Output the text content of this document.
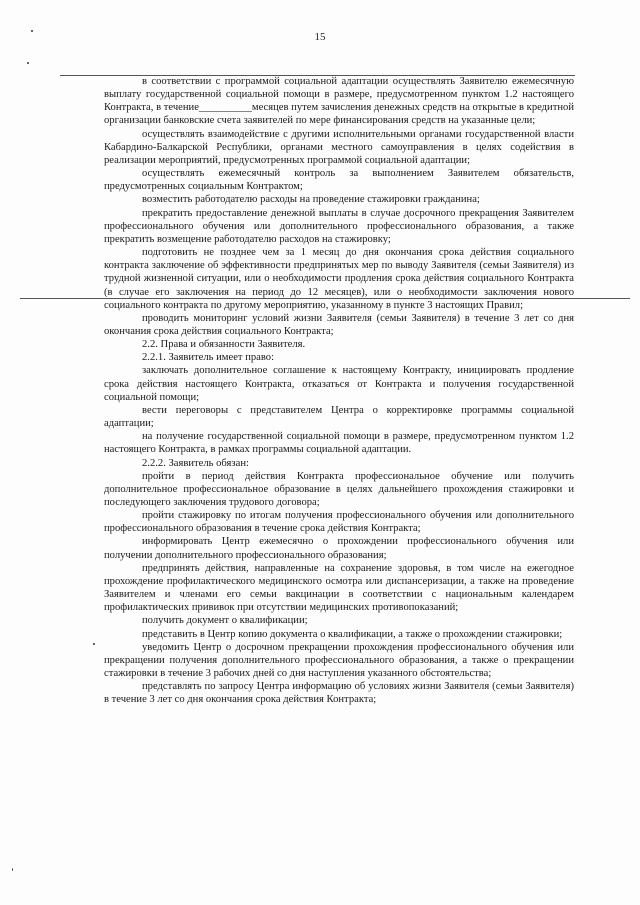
15

в соответствии с программой социальной адаптации осуществлять Заявителю ежемесячную выплату государственной социальной помощи в размере, предусмотренном пунктом 1.2 настоящего Контракта, в течение__________месяцев путем зачисления денежных средств на открытые в кредитной организации банковские счета заявителей по мере финансирования средств на указанные цели;

осуществлять взаимодействие с другими исполнительными органами государственной власти Кабардино-Балкарской Республики, органами местного самоуправления в целях содействия в реализации мероприятий, предусмотренных программой социальной адаптации;

осуществлять ежемесячный контроль за выполнением Заявителем обязательств, предусмотренных социальным Контрактом;

возместить работодателю расходы на проведение стажировки гражданина;

прекратить предоставление денежной выплаты в случае досрочного прекращения Заявителем профессионального обучения или дополнительного профессионального образования, а также прекратить возмещение работодателю расходов на стажировку;

подготовить не позднее чем за 1 месяц до дня окончания срока действия социального контракта заключение об эффективности предпринятых мер по выводу Заявителя (семьи Заявителя) из трудной жизненной ситуации, или о необходимости продления срока действия социального Контракта (в случае его заключения на период до 12 месяцев), или о необходимости заключения нового социального контракта по другому мероприятию, указанному в пункте 3 настоящих Правил;

проводить мониторинг условий жизни Заявителя (семьи Заявителя) в течение 3 лет со дня окончания срока действия социального Контракта;

2.2. Права и обязанности Заявителя.

2.2.1. Заявитель имеет право:

заключать дополнительное соглашение к настоящему Контракту, инициировать продление срока действия настоящего Контракта, отказаться от Контракта и получения государственной социальной помощи;

вести переговоры с представителем Центра о корректировке программы социальной адаптации;

на получение государственной социальной помощи в размере, предусмотренном пунктом 1.2 настоящего Контракта, в рамках программы социальной адаптации.

2.2.2. Заявитель обязан:

пройти в период действия Контракта профессиональное обучение или получить дополнительное профессиональное образование в целях дальнейшего прохождения стажировки и последующего заключения трудового договора;

пройти стажировку по итогам получения профессионального обучения или дополнительного профессионального образования в течение срока действия Контракта;

информировать Центр ежемесячно о прохождении профессионального обучения или получении дополнительного профессионального образования;

предпринять действия, направленные на сохранение здоровья, в том числе на ежегодное прохождение профилактического медицинского осмотра или диспансеризации, а также на проведение Заявителем и членами его семьи вакцинации в соответствии с национальным календарем профилактических прививок при отсутствии медицинских противопоказаний;

получить документ о квалификации;

представить в Центр копию документа о квалификации, а также о прохождении стажировки;

уведомить Центр о досрочном прекращении прохождения профессионального обучения или прекращении получения дополнительного профессионального образования, а также о прекращении стажировки в течение 3 рабочих дней со дня наступления указанного обстоятельства;

представлять по запросу Центра информацию об условиях жизни Заявителя (семьи Заявителя) в течение 3 лет со дня окончания срока действия Контракта;
